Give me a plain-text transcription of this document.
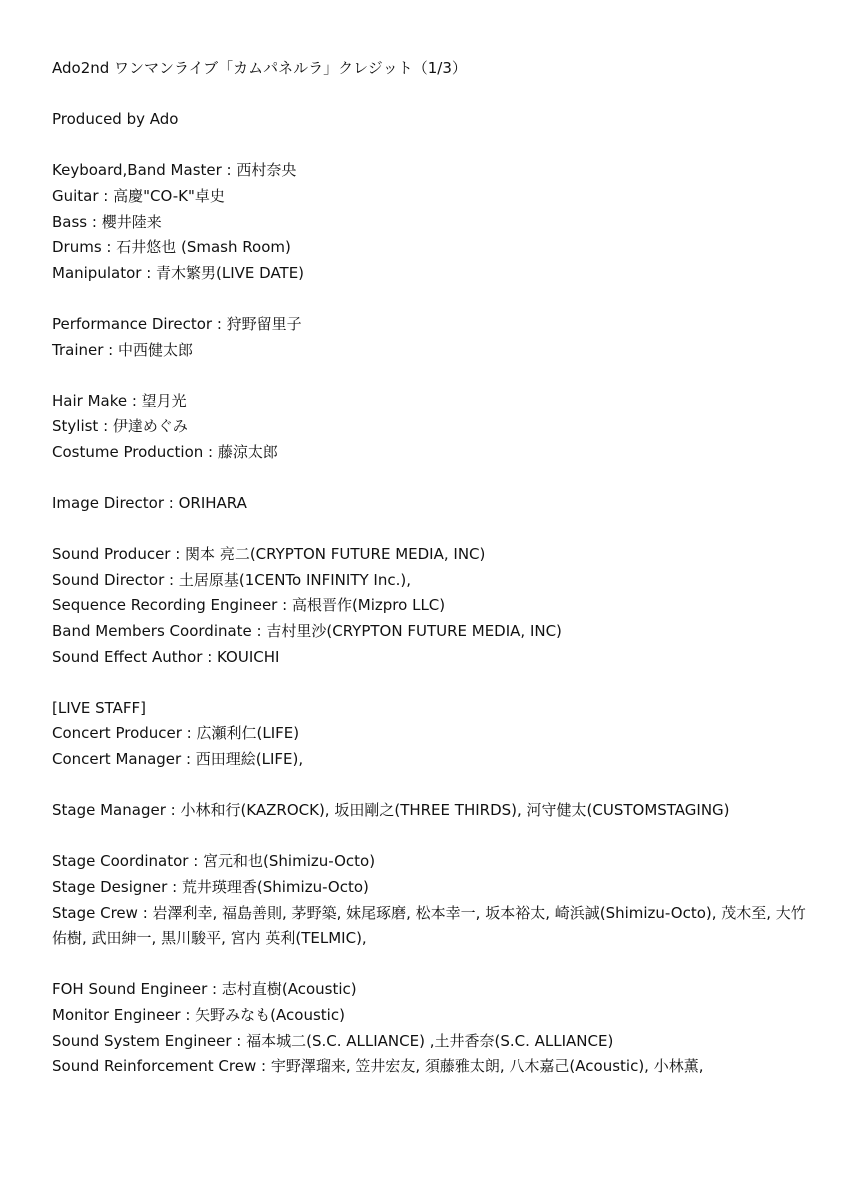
Ado2nd ワンマンライブ「カムパネルラ」クレジット（1/3）
Produced by Ado
Keyboard,Band Master : 西村奈央
Guitar : 高慶"CO-K"卓史
Bass : 櫻井陸来
Drums : 石井悠也 (Smash Room)
Manipulator : 青木繁男(LIVE DATE)
Performance Director : 狩野留里子
Trainer : 中西健太郎
Hair Make : 望月光
Stylist : 伊達めぐみ
Costume Production : 藤涼太郎
Image Director : ORIHARA
Sound Producer : 関本 亮二(CRYPTON FUTURE MEDIA, INC)
Sound Director : 土居原基(1CENTo INFINITY Inc.),
Sequence Recording Engineer : 高根晋作(Mizpro LLC)
Band Members Coordinate : 吉村里沙(CRYPTON FUTURE MEDIA, INC)
Sound Effect Author : KOUICHI
[LIVE STAFF]
Concert Producer : 広瀬利仁(LIFE)
Concert Manager : 西田理絵(LIFE),
Stage Manager : 小林和行(KAZROCK), 坂田剛之(THREE THIRDS), 河守健太(CUSTOMSTAGING)
Stage Coordinator : 宮元和也(Shimizu-Octo)
Stage Designer : 荒井瑛理香(Shimizu-Octo)
Stage Crew : 岩澤利幸, 福島善則, 茅野築, 妹尾琢磨, 松本幸一, 坂本裕太, 崎浜誠(Shimizu-Octo), 茂木至, 大竹佑樹, 武田紳一, 黒川駿平, 宮内 英利(TELMIC),
FOH Sound Engineer : 志村直樹(Acoustic)
Monitor Engineer : 矢野みなも(Acoustic)
Sound System Engineer : 福本城二(S.C. ALLIANCE) ,土井香奈(S.C. ALLIANCE)
Sound Reinforcement Crew : 宇野澤瑠来, 笠井宏友, 須藤雅太朗, 八木嘉己(Acoustic), 小林薫,
